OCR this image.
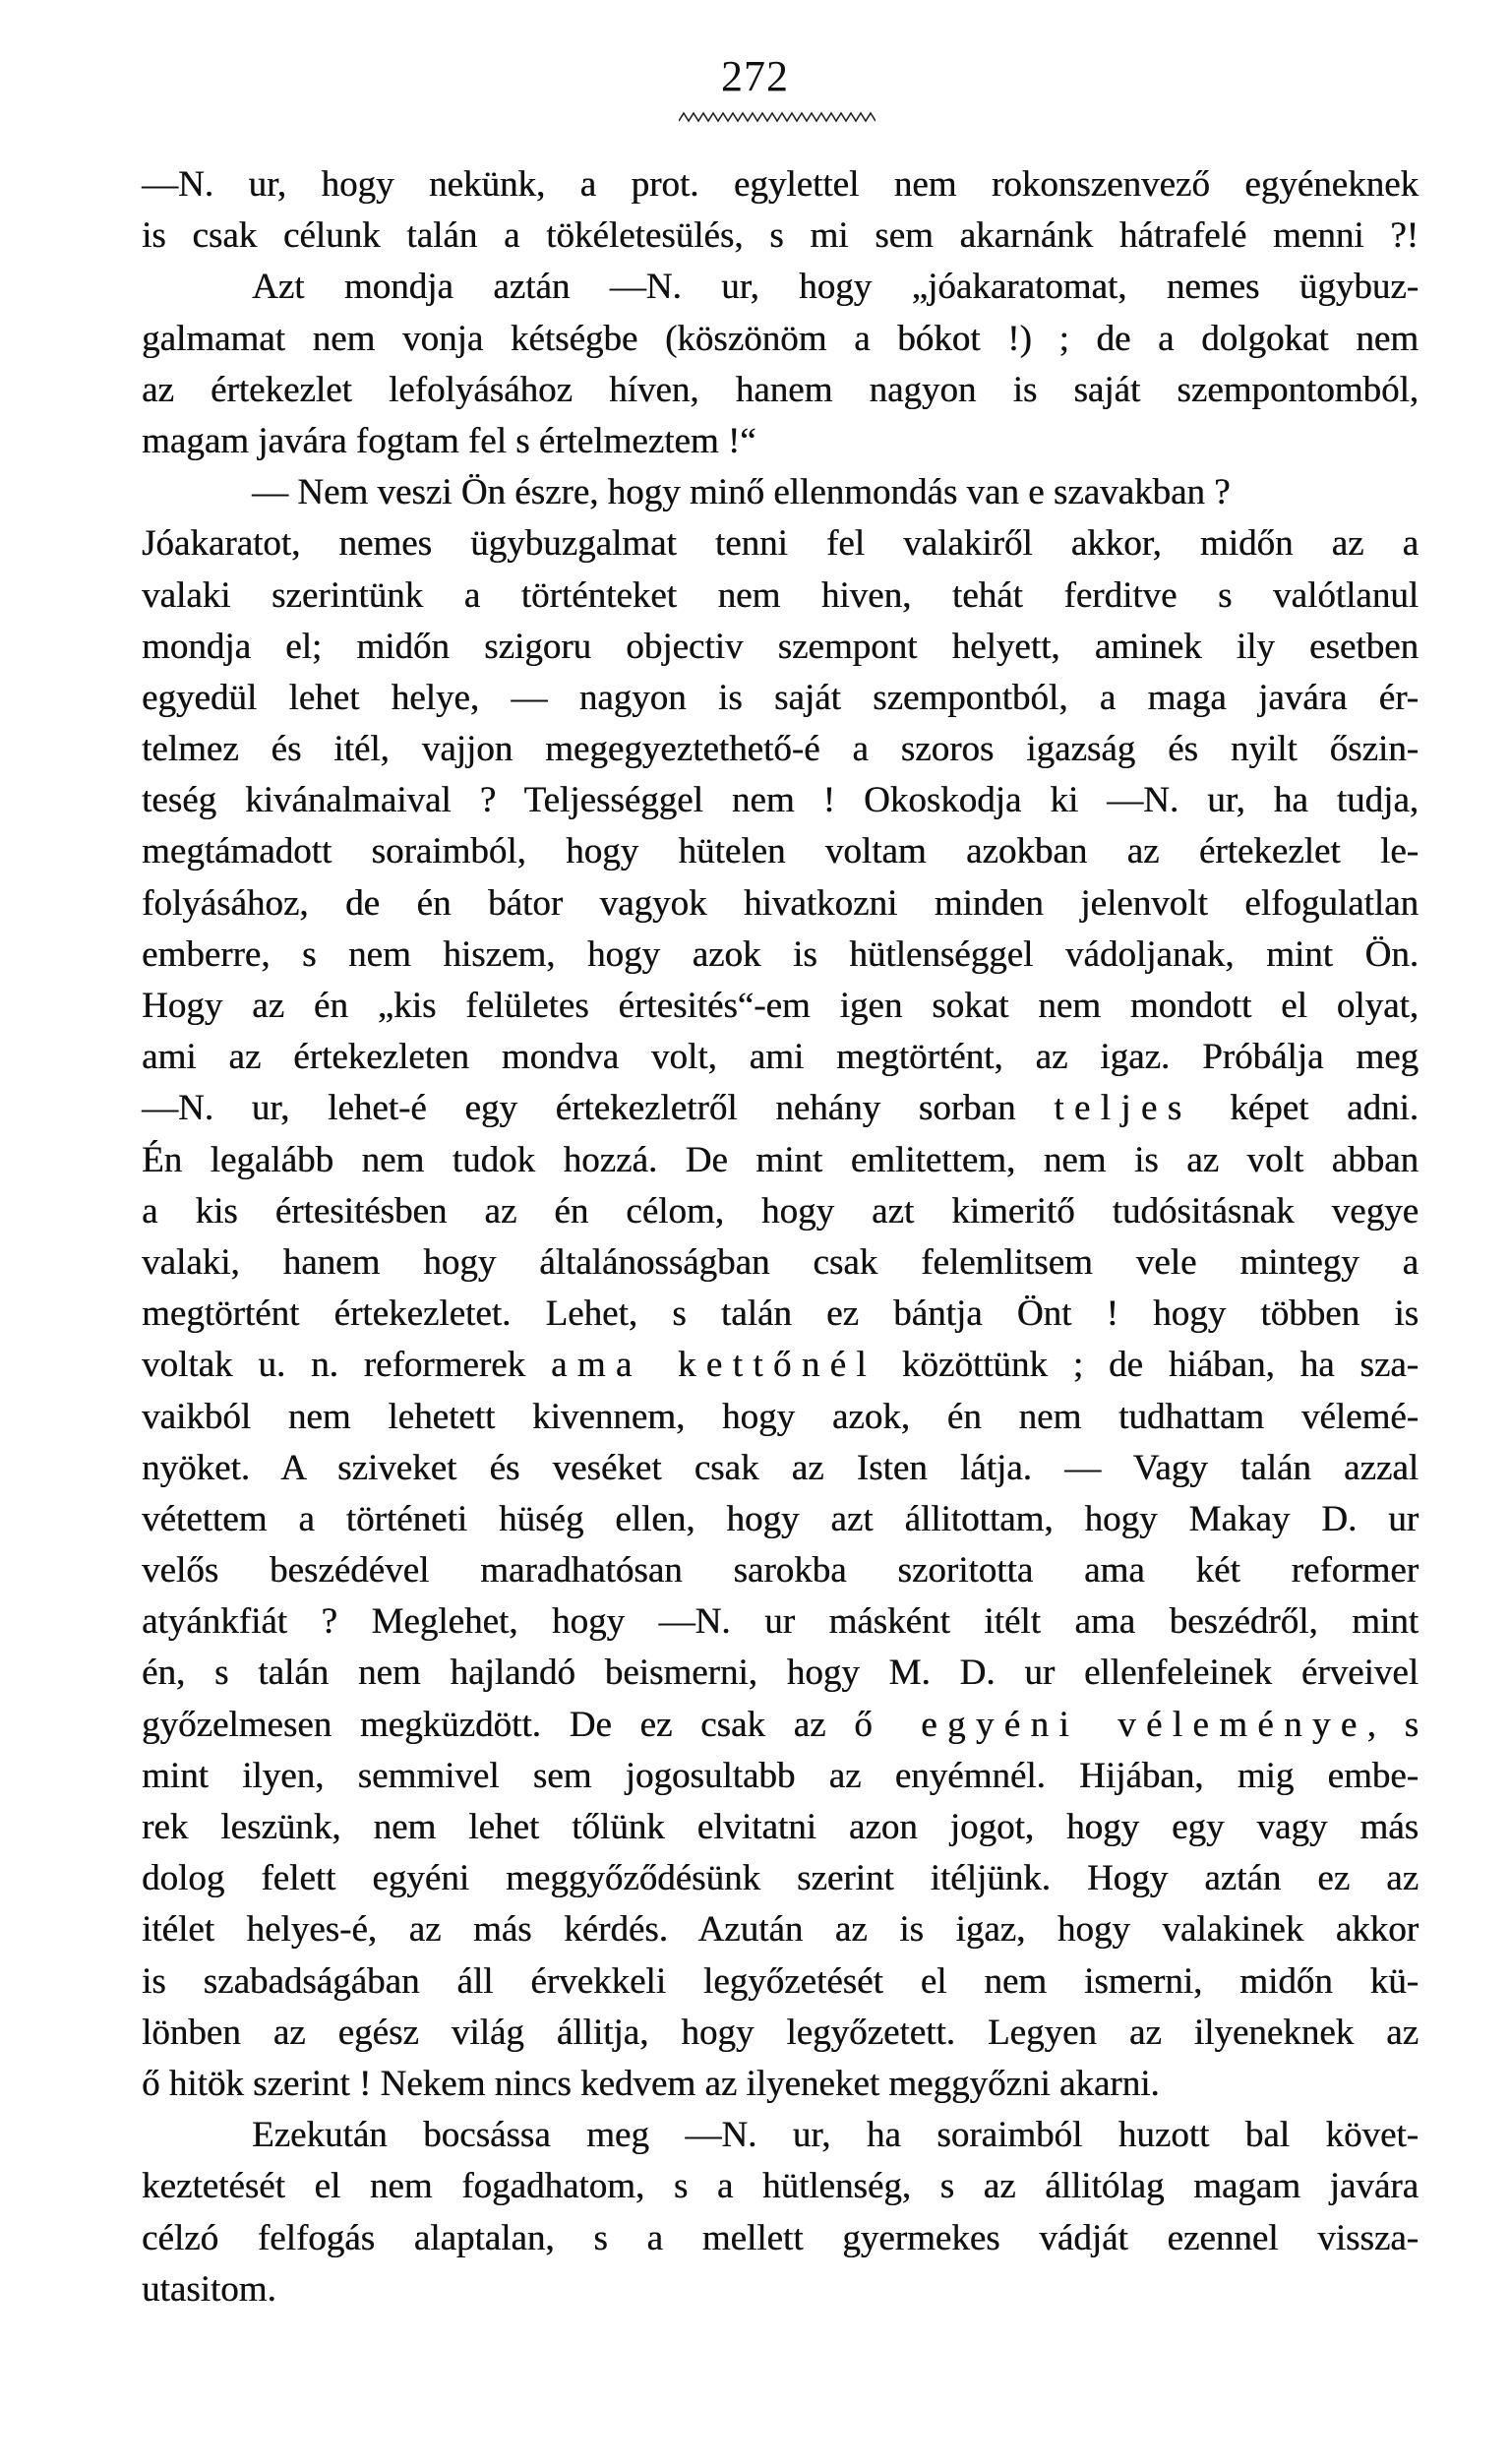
272
—N. ur, hogy nekünk, a prot. egylettel nem rokonszenvező egyéneknek
is csak célunk talán a tökéletesülés, s mi sem akarnánk hátrafelé menni ?!
Azt mondja aztán —N. ur, hogy „jóakaratomat, nemes ügybuz-
galmamat nem vonja kétségbe (köszönöm a bókot !) ; de a dolgokat nem
az értekezlet lefolyásához híven, hanem nagyon is saját szempontomból,
magam javára fogtam fel s értelmeztem !“
— Nem veszi Ön észre, hogy minő ellenmondás van e szavakban ?
Jóakaratot, nemes ügybuzgalmat tenni fel valakiről akkor, midőn az a
valaki szerintünk a történteket nem hiven, tehát ferditve s valótlanul
mondja el; midőn szigoru objectiv szempont helyett, aminek ily esetben
egyedül lehet helye, — nagyon is saját szempontból, a maga javára ér-
telmez és itél, vajjon megegyeztethető-é a szoros igazság és nyilt őszin-
teség kivánalmaival ? Teljességgel nem ! Okoskodja ki —N. ur, ha tudja,
megtámadott soraimból, hogy hütelen voltam azokban az értekezlet le-
folyásához, de én bátor vagyok hivatkozni minden jelenvolt elfogulatlan
emberre, s nem hiszem, hogy azok is hütlenséggel vádoljanak, mint Ön.
Hogy az én „kis felületes értesités“-em igen sokat nem mondott el olyat,
ami az értekezleten mondva volt, ami megtörtént, az igaz. Próbálja meg
—N. ur, lehet-é egy értekezletről nehány sorban teljes képet adni.
Én legalább nem tudok hozzá. De mint emlitettem, nem is az volt abban
a kis értesitésben az én célom, hogy azt kimeritő tudósitásnak vegye
valaki, hanem hogy általánosságban csak felemlitsem vele mintegy a
megtörtént értekezletet. Lehet, s talán ez bántja Önt ! hogy többen is
voltak u. n. reformerek ama kettőnél közöttünk ; de hiában, ha sza-
vaikból nem lehetett kivennem, hogy azok, én nem tudhattam vélemé-
nyöket. A sziveket és veséket csak az Isten látja. — Vagy talán azzal
vétettem a történeti hüség ellen, hogy azt állitottam, hogy Makay D. ur
velős beszédével maradhatósan sarokba szoritotta ama két reformer
atyánkfiát ? Meglehet, hogy —N. ur másként itélt ama beszédről, mint
én, s talán nem hajlandó beismerni, hogy M. D. ur ellenfeleinek érveivel
győzelmesen megküzdött. De ez csak az ő egyéni véleménye, s
mint ilyen, semmivel sem jogosultabb az enyémnél. Hijában, mig embe-
rek leszünk, nem lehet tőlünk elvitatni azon jogot, hogy egy vagy más
dolog felett egyéni meggyőződésünk szerint itéljünk. Hogy aztán ez az
itélet helyes-é, az más kérdés. Azután az is igaz, hogy valakinek akkor
is szabadságában áll érvekkeli legyőzetését el nem ismerni, midőn kü-
lönben az egész világ állitja, hogy legyőzetett. Legyen az ilyeneknek az
ő hitök szerint ! Nekem nincs kedvem az ilyeneket meggyőzni akarni.
Ezekután bocsássa meg —N. ur, ha soraimból huzott bal követ-
keztetését el nem fogadhatom, s a hütlenség, s az állitólag magam javára
célzó felfogás alaptalan, s a mellett gyermekes vádját ezennel vissza-
utasitom.
